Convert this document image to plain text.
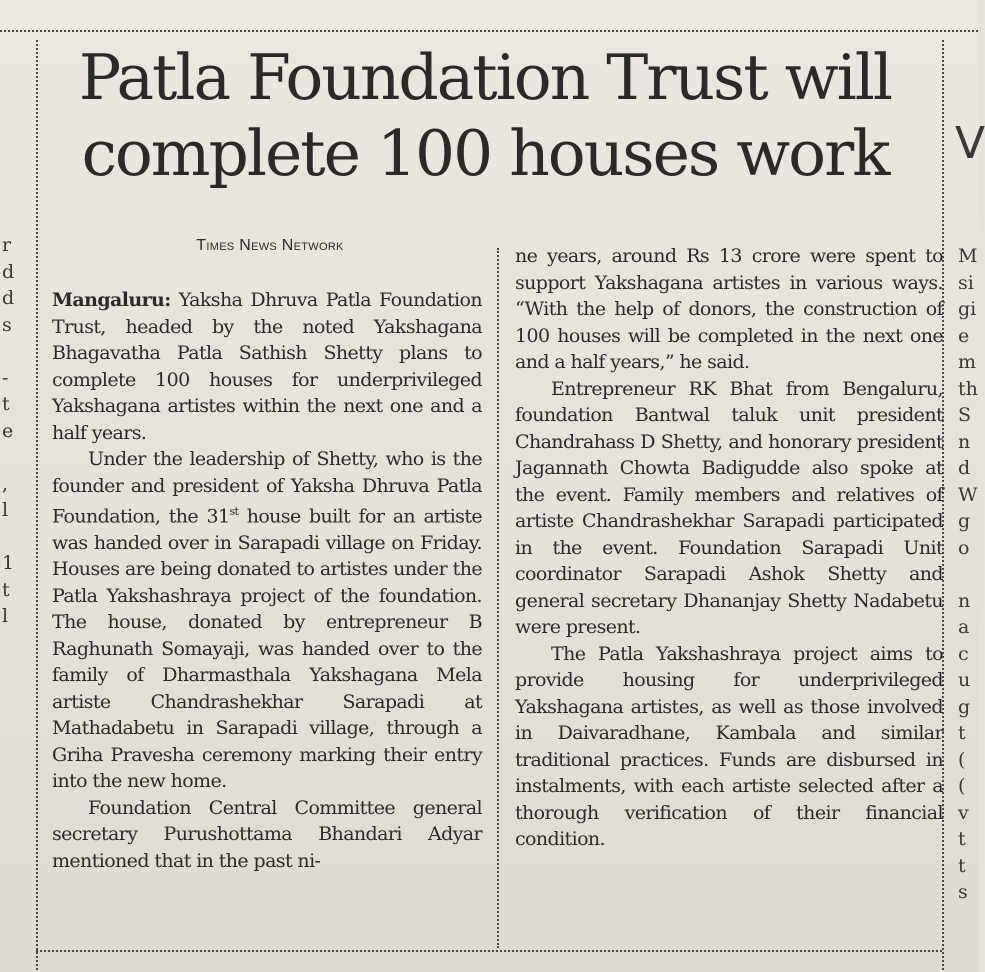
Patla Foundation Trust will complete 100 houses work
Times News Network

Mangaluru: Yaksha Dhruva Patla Foundation Trust, headed by the noted Yakshagana Bhagavatha Patla Sathish Shetty plans to complete 100 houses for underprivileged Yakshagana artistes within the next one and a half years.

Under the leadership of Shetty, who is the founder and president of Yaksha Dhruva Patla Foundation, the 31st house built for an artiste was handed over in Sarapadi village on Friday. Houses are being donated to artistes under the Patla Yakshashraya project of the foundation. The house, donated by entrepreneur B Raghunath Somayaji, was handed over to the family of Dharmasthala Yakshagana Mela artiste Chandrashekhar Sarapadi at Mathadabetu in Sarapadi village, through a Griha Pravesha ceremony marking their entry into the new home.

Foundation Central Committee general secretary Purushottama Bhandari Adyar mentioned that in the past ni-

ne years, around Rs 13 crore were spent to support Yakshagana artistes in various ways. “With the help of donors, the construction of 100 houses will be completed in the next one and a half years,” he said.

Entrepreneur RK Bhat from Bengaluru, foundation Bantwal taluk unit president Chandrahass D Shetty, and honorary president Jagannath Chowta Badigudde also spoke at the event. Family members and relatives of artiste Chandrashekhar Sarapadi participated in the event. Foundation Sarapadi Unit coordinator Sarapadi Ashok Shetty and general secretary Dhananjay Shetty Nadabetu were present.

The Patla Yakshashraya project aims to provide housing for underprivileged Yakshagana artistes, as well as those involved in Daivaradhane, Kambala and similar traditional practices. Funds are disbursed in instalments, with each artiste selected after a thorough verification of their financial condition.

r
d
d
s

-
t
e

,
l

1
t
l
V
M
si
gi
e
m
th
S
n
d
W
g
o

n
a
c
u
g
t
(
(
v
t
t
s
